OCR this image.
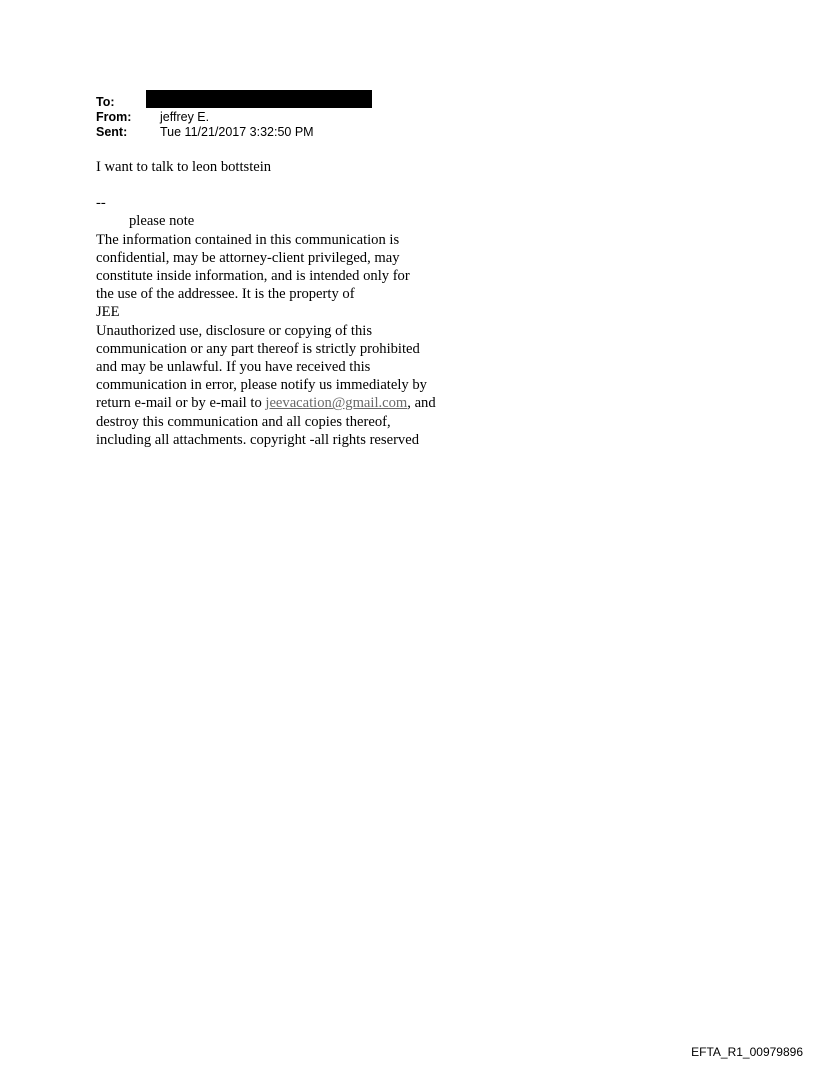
To:
From:	jeffrey E.
Sent:	Tue 11/21/2017 3:32:50 PM
I want to talk to leon bottstein
--
please note
The information contained in this communication is
confidential, may be attorney-client privileged, may
constitute inside information, and is intended only for
the use of the addressee. It is the property of
JEE
Unauthorized use, disclosure or copying of this
communication or any part thereof is strictly prohibited
and may be unlawful. If you have received this
communication in error, please notify us immediately by
return e-mail or by e-mail to jeevacation@gmail.com, and
destroy this communication and all copies thereof,
including all attachments. copyright -all rights reserved
EFTA_R1_00979896
